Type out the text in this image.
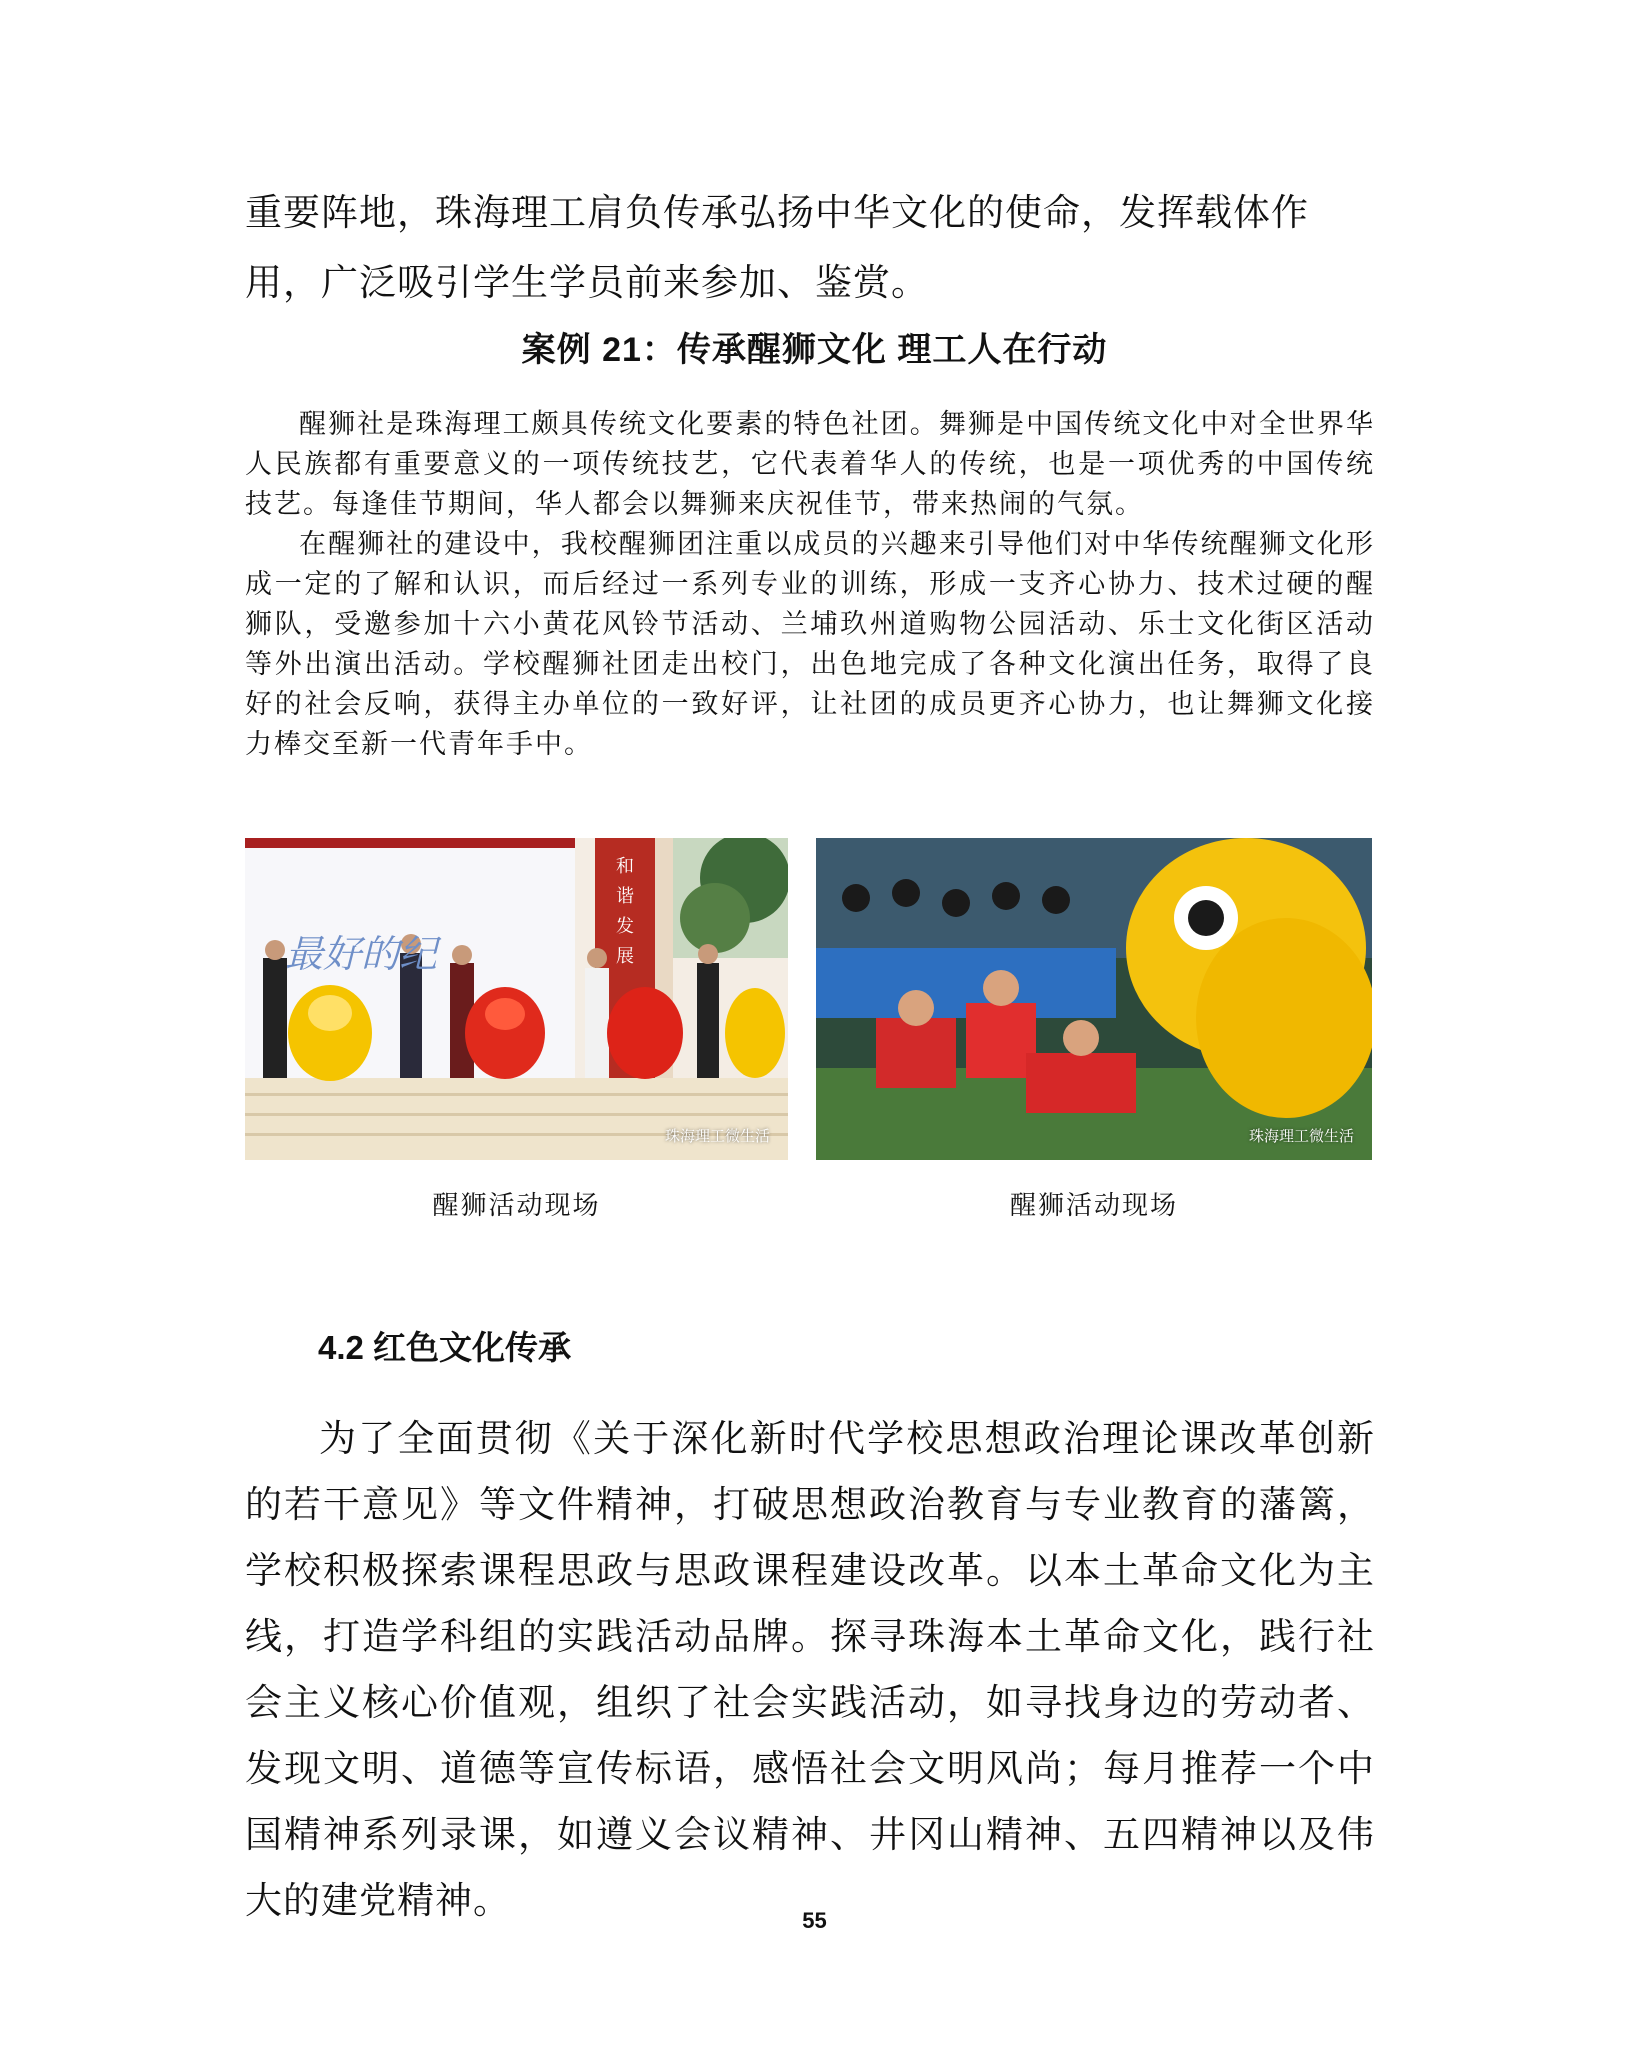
重要阵地，珠海理工肩负传承弘扬中华文化的使命，发挥载体作用，广泛吸引学生学员前来参加、鉴赏。
案例 21：传承醒狮文化 理工人在行动

醒狮社是珠海理工颇具传统文化要素的特色社团。舞狮是中国传统文化中对全世界华人民族都有重要意义的一项传统技艺，它代表着华人的传统，也是一项优秀的中国传统技艺。每逢佳节期间，华人都会以舞狮来庆祝佳节，带来热闹的气氛。

在醒狮社的建设中，我校醒狮团注重以成员的兴趣来引导他们对中华传统醒狮文化形成一定的了解和认识，而后经过一系列专业的训练，形成一支齐心协力、技术过硬的醒狮队，受邀参加十六小黄花风铃节活动、兰埔玖州道购物公园活动、乐士文化街区活动等外出演出活动。学校醒狮社团走出校门，出色地完成了各种文化演出任务，取得了良好的社会反响，获得主办单位的一致好评，让社团的成员更齐心协力，也让舞狮文化接力棒交至新一代青年手中。

和
谐
发
展
最好的纪
珠海理工微生活	珠海理工微生活
醒狮活动现场	醒狮活动现场
4.2 红色文化传承

为了全面贯彻《关于深化新时代学校思想政治理论课改革创新的若干意见》等文件精神，打破思想政治教育与专业教育的藩篱，学校积极探索课程思政与思政课程建设改革。以本土革命文化为主线，打造学科组的实践活动品牌。探寻珠海本土革命文化，践行社会主义核心价值观，组织了社会实践活动，如寻找身边的劳动者、发现文明、道德等宣传标语，感悟社会文明风尚；每月推荐一个中国精神系列录课，如遵义会议精神、井冈山精神、五四精神以及伟大的建党精神。	55
